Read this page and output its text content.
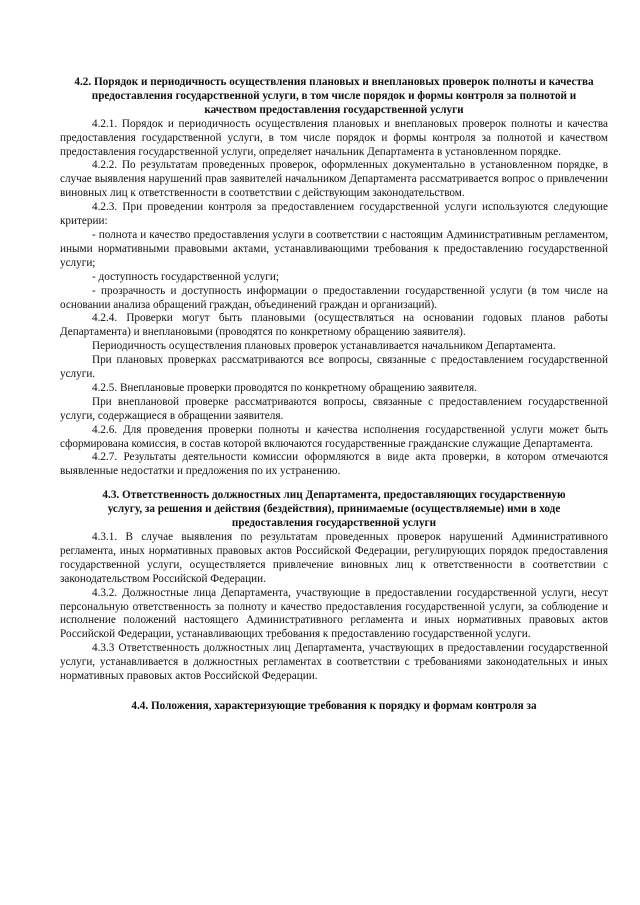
4.2. Порядок и периодичность осуществления плановых и внеплановых проверок полноты и качества предоставления государственной услуги, в том числе порядок и формы контроля за полнотой и качеством предоставления государственной услуги

4.2.1. Порядок и периодичность осуществления плановых и внеплановых проверок полноты и качества предоставления государственной услуги, в том числе порядок и формы контроля за полнотой и качеством предоставления государственной услуги, определяет начальник Департамента в установленном порядке.

4.2.2. По результатам проведенных проверок, оформленных документально в установленном порядке, в случае выявления нарушений прав заявителей начальником Департамента рассматривается вопрос о привлечении виновных лиц к ответственности в соответствии с действующим законодательством.

4.2.3. При проведении контроля за предоставлением государственной услуги используются следующие критерии:

- полнота и качество предоставления услуги в соответствии с настоящим Административным регламентом, иными нормативными правовыми актами, устанавливающими требования к предоставлению государственной услуги;

- доступность государственной услуги;

- прозрачность и доступность информации о предоставлении государственной услуги (в том числе на основании анализа обращений граждан, объединений граждан и организаций).

4.2.4. Проверки могут быть плановыми (осуществляться на основании годовых планов работы Департамента) и внеплановыми (проводятся по конкретному обращению заявителя).

Периодичность осуществления плановых проверок устанавливается начальником Департамента.

При плановых проверках рассматриваются все вопросы, связанные с предоставлением государственной услуги.

4.2.5. Внеплановые проверки проводятся по конкретному обращению заявителя.

При внеплановой проверке рассматриваются вопросы, связанные с предоставлением государственной услуги, содержащиеся в обращении заявителя.

4.2.6. Для проведения проверки полноты и качества исполнения государственной услуги может быть сформирована комиссия, в состав которой включаются государственные гражданские служащие Департамента.

4.2.7. Результаты деятельности комиссии оформляются в виде акта проверки, в котором отмечаются выявленные недостатки и предложения по их устранению.

4.3. Ответственность должностных лиц Департамента, предоставляющих государственную услугу, за решения и действия (бездействия), принимаемые (осуществляемые) ими в ходе предоставления государственной услуги

4.3.1. В случае выявления по результатам проведенных проверок нарушений Административного регламента, иных нормативных правовых актов Российской Федерации, регулирующих порядок предоставления государственной услуги, осуществляется привлечение виновных лиц к ответственности в соответствии с законодательством Российской Федерации.

4.3.2. Должностные лица Департамента, участвующие в предоставлении государственной услуги, несут персональную ответственность за полноту и качество предоставления государственной услуги, за соблюдение и исполнение положений настоящего Административного регламента и иных нормативных правовых актов Российской Федерации, устанавливающих требования к предоставлению государственной услуги.

4.3.3 Ответственность должностных лиц Департамента, участвующих в предоставлении государственной услуги, устанавливается в должностных регламентах в соответствии с требованиями законодательных и иных нормативных правовых актов Российской Федерации.

4.4. Положения, характеризующие требования к порядку и формам контроля за
